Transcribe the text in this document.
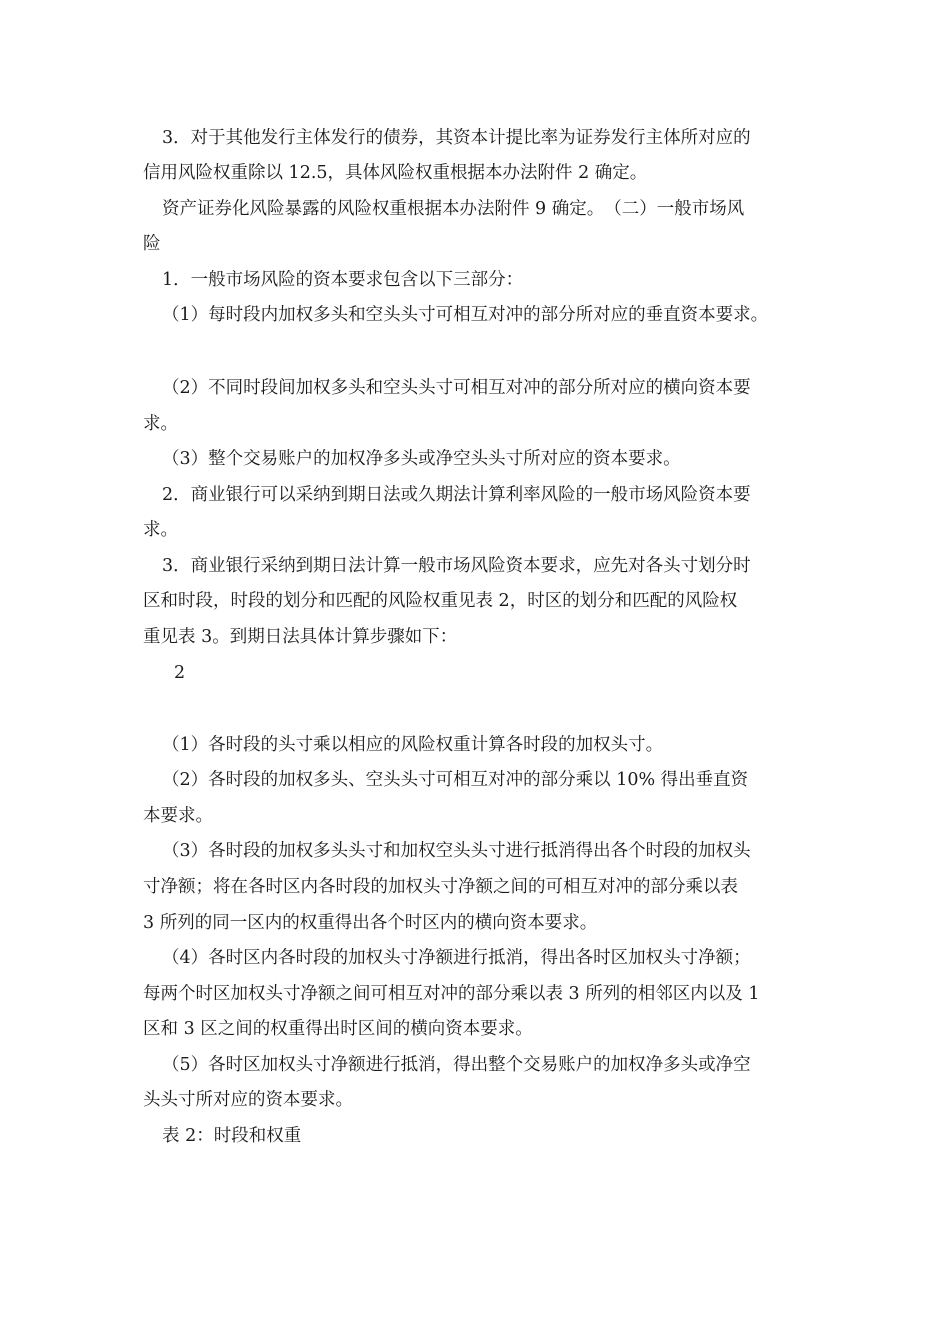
3．对于其他发行主体发行的债券，其资本计提比率为证券发行主体所对应的
信用风险权重除以 12.5，具体风险权重根据本办法附件 2 确定。
资产证券化风险暴露的风险权重根据本办法附件 9 确定。　（二）一般市场风
险
1．一般市场风险的资本要求包含以下三部分：
（1）每时段内加权多头和空头头寸可相互对冲的部分所对应的垂直资本要求。
（2）不同时段间加权多头和空头头寸可相互对冲的部分所对应的横向资本要
求。
（3）整个交易账户的加权净多头或净空头头寸所对应的资本要求。
2．商业银行可以采纳到期日法或久期法计算利率风险的一般市场风险资本要
求。
3．商业银行采纳到期日法计算一般市场风险资本要求，应先对各头寸划分时
区和时段，时段的划分和匹配的风险权重见表 2，时区的划分和匹配的风险权
重见表 3。到期日法具体计算步骤如下：
2
（1）各时段的头寸乘以相应的风险权重计算各时段的加权头寸。
（2）各时段的加权多头、空头头寸可相互对冲的部分乘以 10% 得出垂直资
本要求。
（3）各时段的加权多头头寸和加权空头头寸进行抵消得出各个时段的加权头
寸净额；将在各时区内各时段的加权头寸净额之间的可相互对冲的部分乘以表
3 所列的同一区内的权重得出各个时区内的横向资本要求。
（4）各时区内各时段的加权头寸净额进行抵消，得出各时区加权头寸净额；
每两个时区加权头寸净额之间可相互对冲的部分乘以表 3 所列的相邻区内以及 1
区和 3 区之间的权重得出时区间的横向资本要求。
（5）各时区加权头寸净额进行抵消，得出整个交易账户的加权净多头或净空
头头寸所对应的资本要求。
表 2：时段和权重
